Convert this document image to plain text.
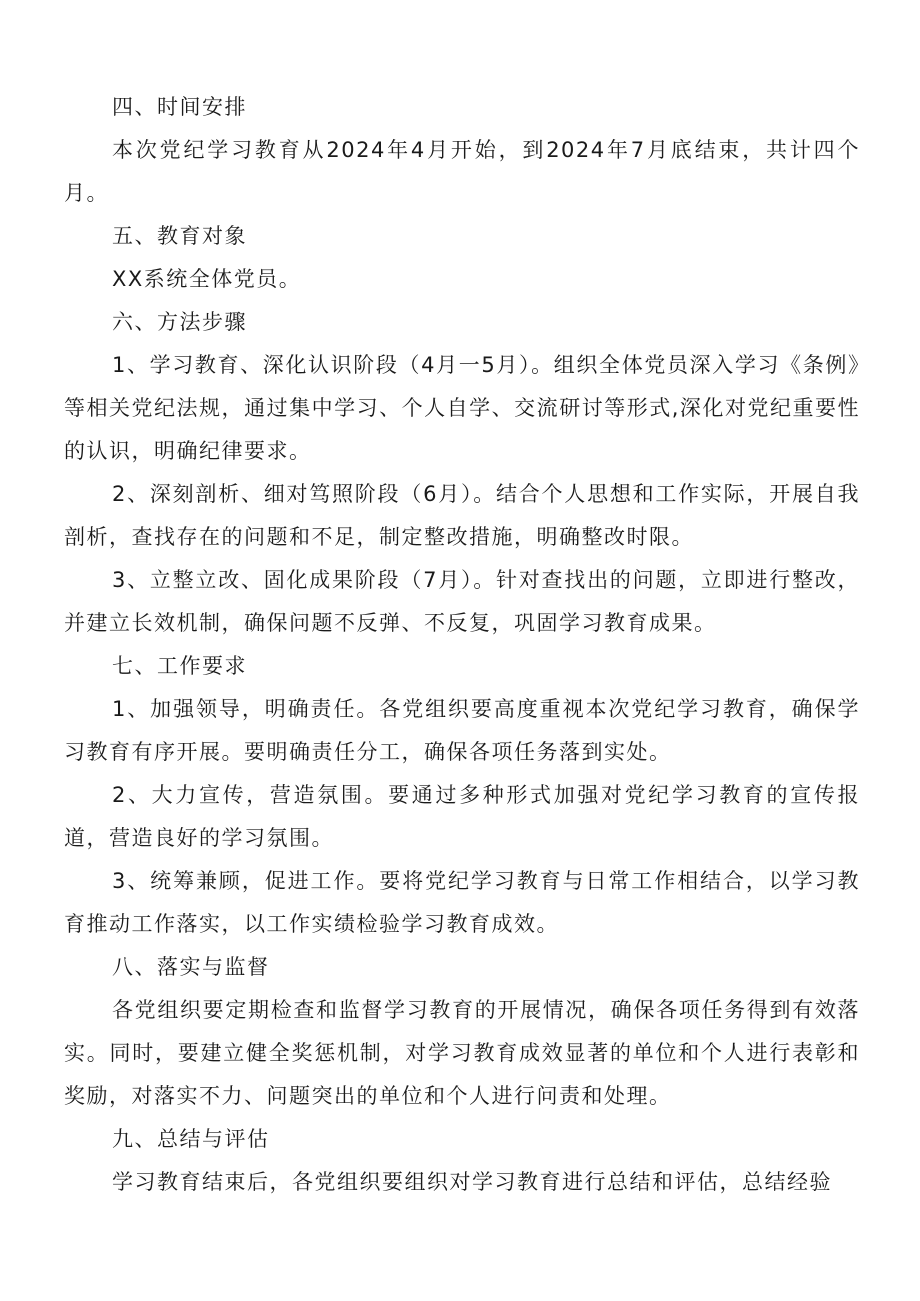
四、时间安排

本次党纪学习教育从2024年4月开始，到2024年7月底结束，共计四个月。

五、教育对象

XX系统全体党员。

六、方法步骤

1、学习教育、深化认识阶段（4月一5月）。组织全体党员深入学习《条例》等相关党纪法规，通过集中学习、个人自学、交流研讨等形式,深化对党纪重要性的认识，明确纪律要求。

2、深刻剖析、细对笃照阶段（6月）。结合个人思想和工作实际，开展自我剖析，查找存在的问题和不足，制定整改措施，明确整改时限。

3、立整立改、固化成果阶段（7月）。针对查找出的问题，立即进行整改，并建立长效机制，确保问题不反弹、不反复，巩固学习教育成果。

七、工作要求

1、加强领导，明确责任。各党组织要高度重视本次党纪学习教育，确保学习教育有序开展。要明确责任分工，确保各项任务落到实处。

2、大力宣传，营造氛围。要通过多种形式加强对党纪学习教育的宣传报道，营造良好的学习氛围。

3、统筹兼顾，促进工作。要将党纪学习教育与日常工作相结合，以学习教育推动工作落实，以工作实绩检验学习教育成效。

八、落实与监督

各党组织要定期检查和监督学习教育的开展情况，确保各项任务得到有效落实。同时，要建立健全奖惩机制，对学习教育成效显著的单位和个人进行表彰和奖励，对落实不力、问题突出的单位和个人进行问责和处理。

九、总结与评估

学习教育结束后，各党组织要组织对学习教育进行总结和评估，总结经验
